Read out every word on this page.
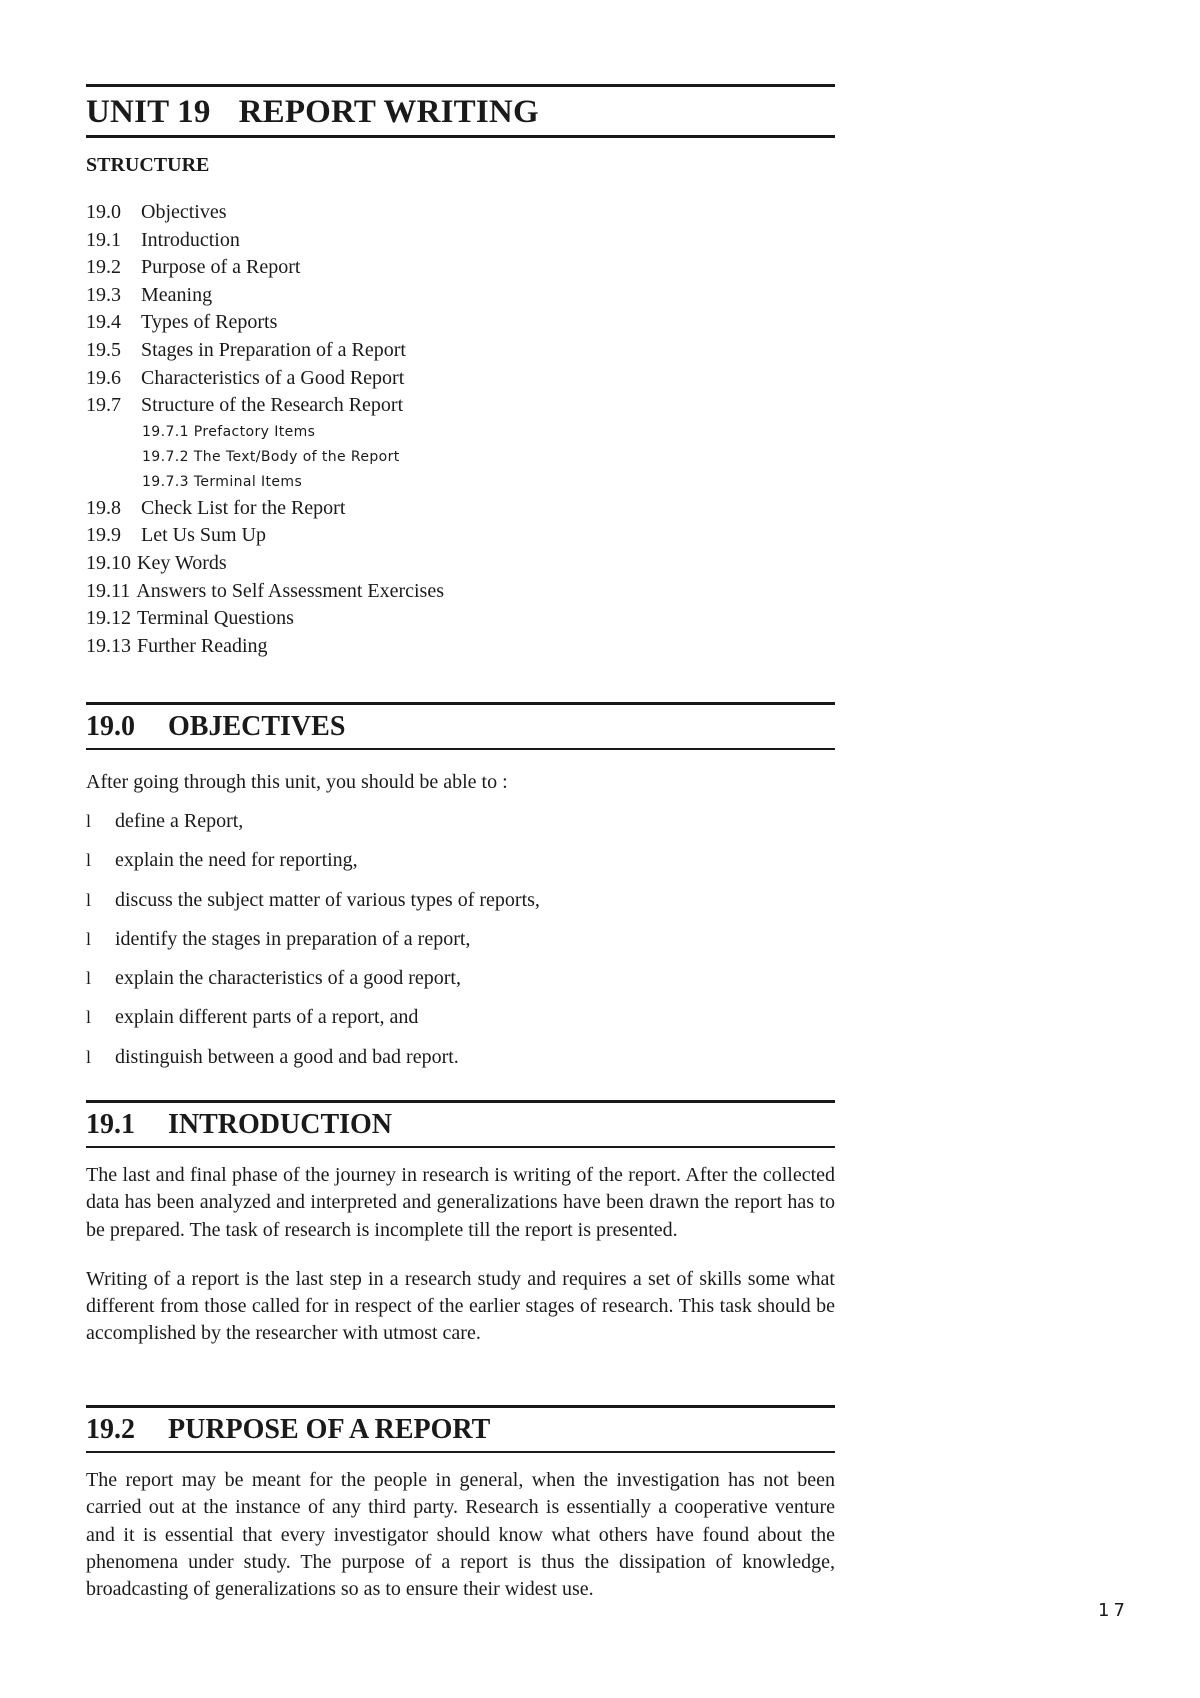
UNIT 19 REPORT WRITING
STRUCTURE
19.0 Objectives
19.1 Introduction
19.2 Purpose of a Report
19.3 Meaning
19.4 Types of Reports
19.5 Stages in Preparation of a Report
19.6 Characteristics of a Good Report
19.7 Structure of the Research Report
19.7.1 Prefactory Items
19.7.2 The Text/Body of the Report
19.7.3 Terminal Items
19.8 Check List for the Report
19.9 Let Us Sum Up
19.10 Key Words
19.11 Answers to Self Assessment Exercises
19.12 Terminal Questions
19.13 Further Reading
19.0 OBJECTIVES
After going through this unit, you should be able to :
l define a Report,
l explain the need for reporting,
l discuss the subject matter of various types of reports,
l identify the stages in preparation of a report,
l explain the characteristics of a good report,
l explain different parts of a report, and
l distinguish between a good and bad report.
19.1 INTRODUCTION

The last and final phase of the journey in research is writing of the report. After the collected data has been analyzed and interpreted and generalizations have been drawn the report has to be prepared. The task of research is incomplete till the report is presented.

Writing of a report is the last step in a research study and requires a set of skills some what different from those called for in respect of the earlier stages of research. This task should be accomplished by the researcher with utmost care.

19.2 PURPOSE OF A REPORT

The report may be meant for the people in general, when the investigation has not been carried out at the instance of any third party. Research is essentially a cooperative venture and it is essential that every investigator should know what others have found about the phenomena under study. The purpose of a report is thus the dissipation of knowledge, broadcasting of generalizations so as to ensure their widest use.

17
